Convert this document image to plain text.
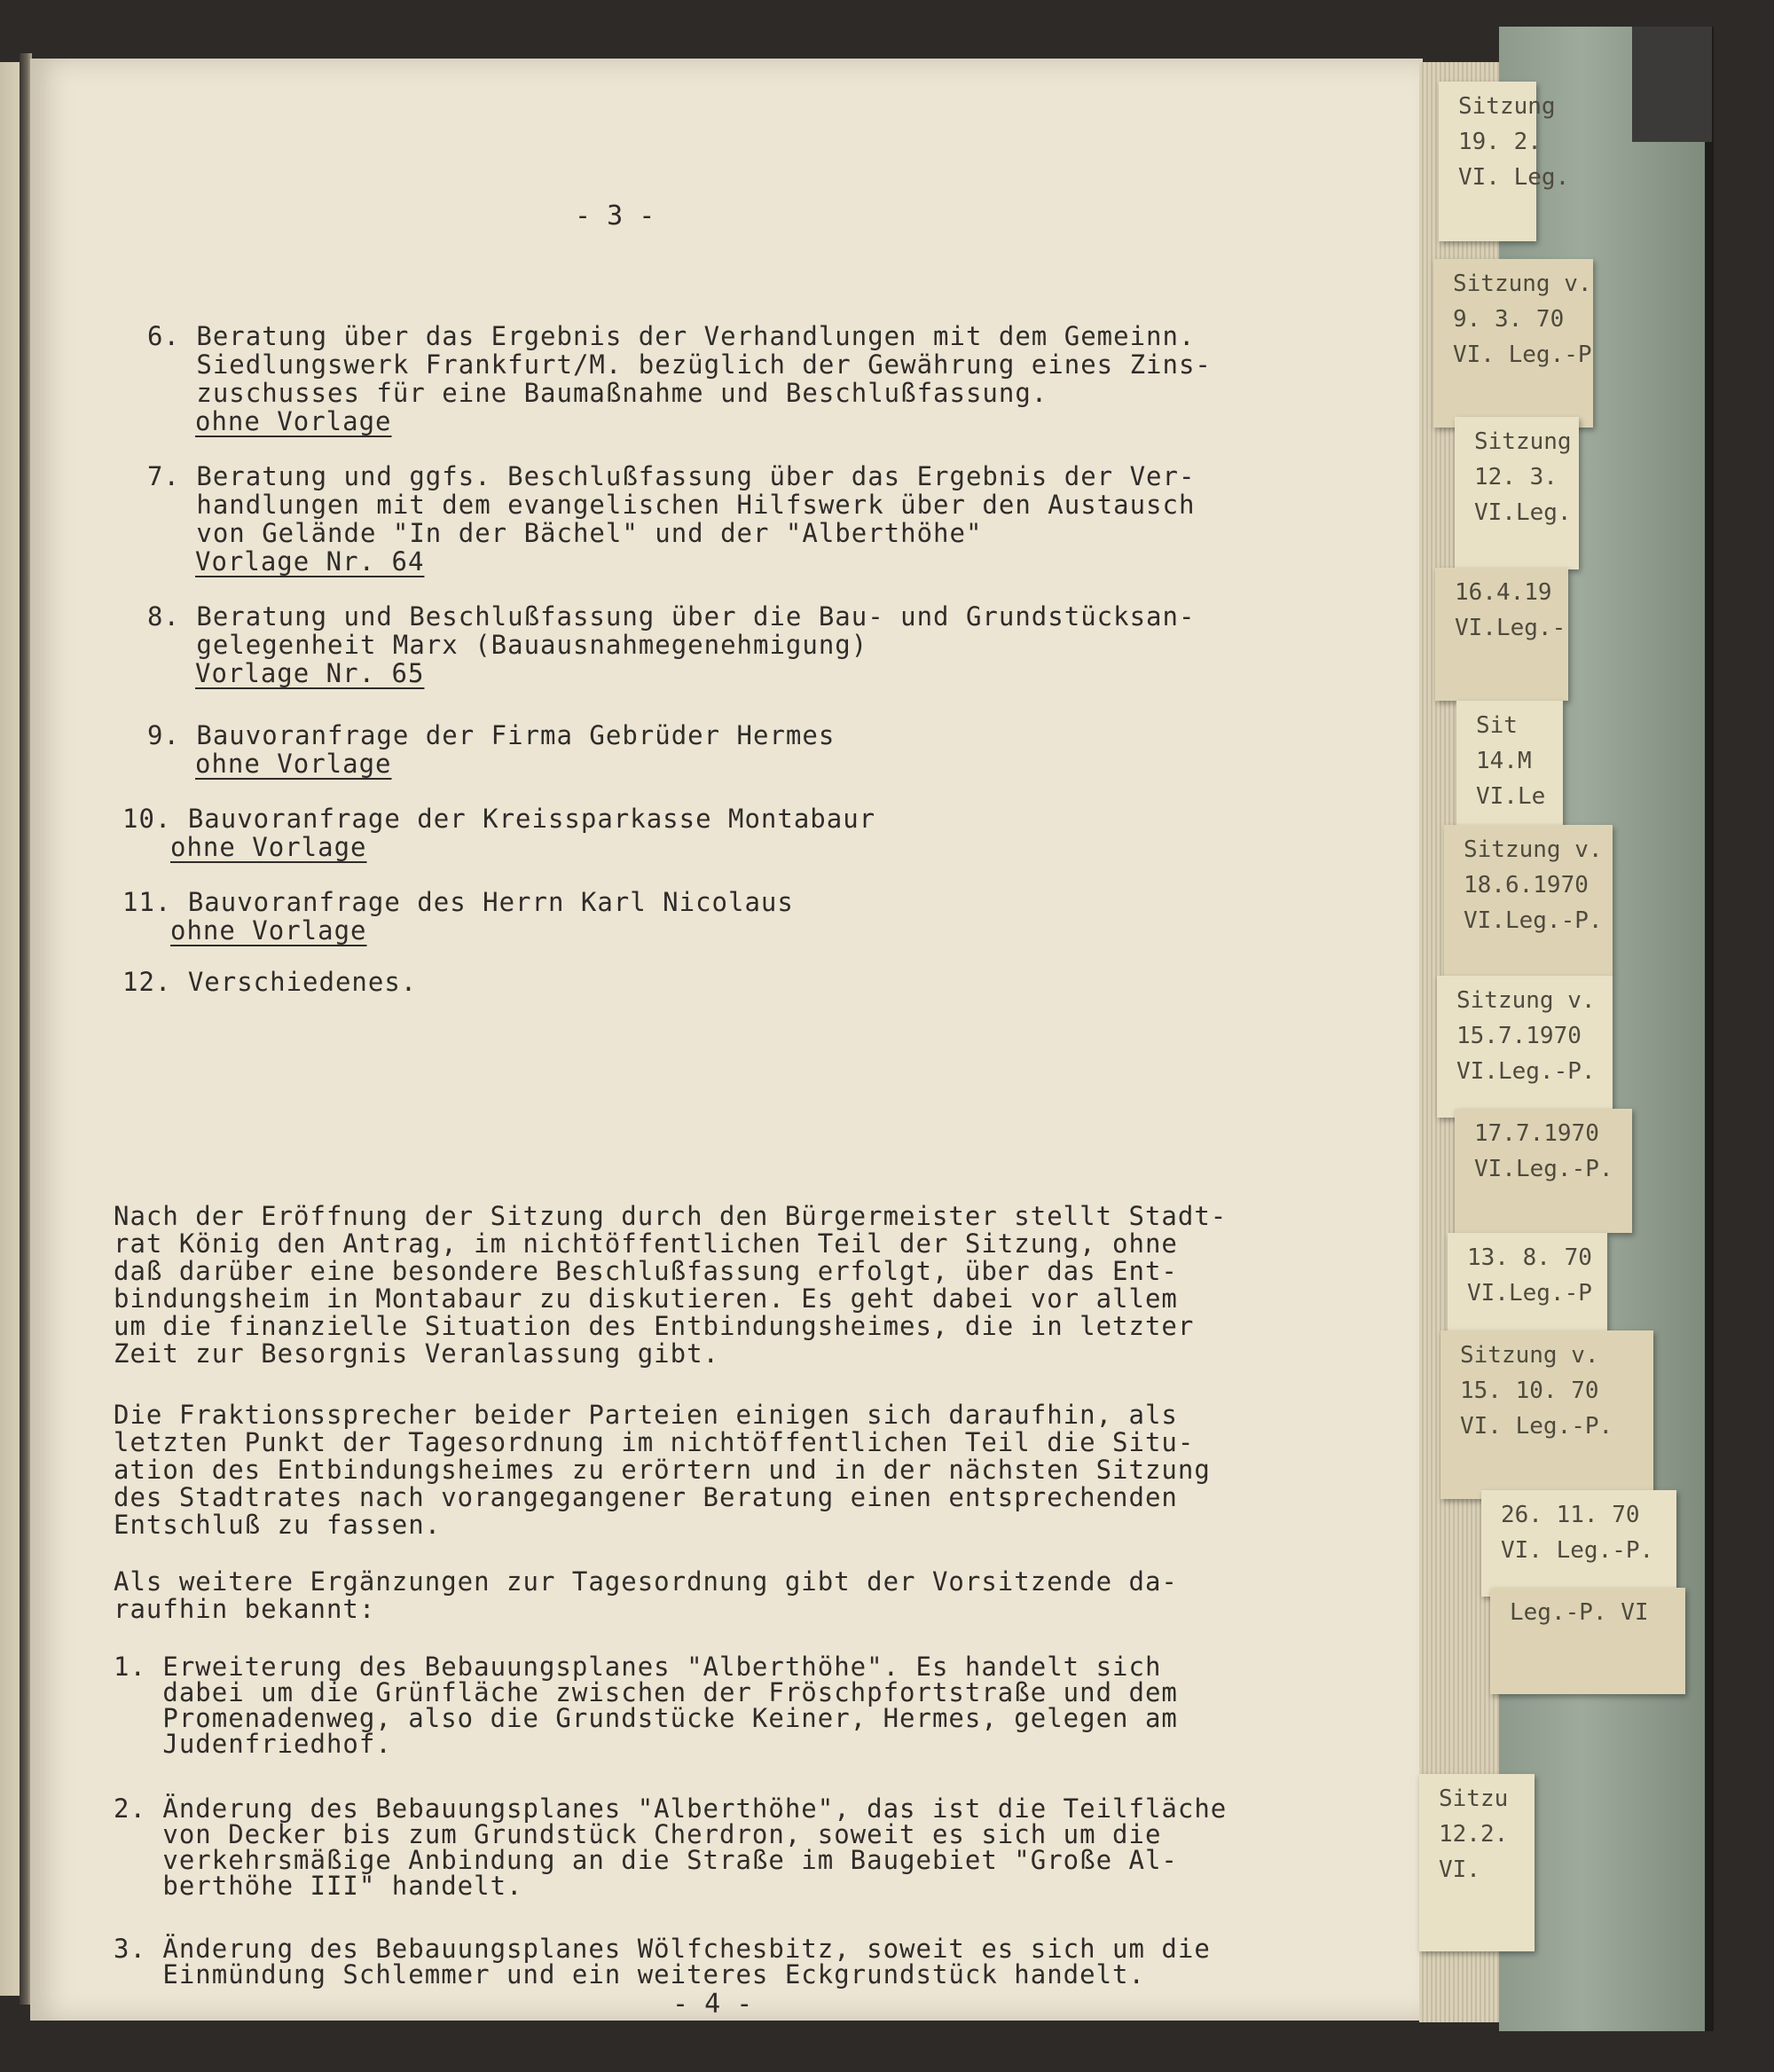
Sitzung
19. 2.
VI. Leg.
Sitzung v.
9. 3. 70
VI. Leg.-P
Sitzung
12. 3.
VI.Leg.
16.4.19
VI.Leg.-
Sit
14.M
VI.Le
Sitzung v.
18.6.1970
VI.Leg.-P.
Sitzung v.
15.7.1970
VI.Leg.-P.
17.7.1970
VI.Leg.-P.
13. 8. 70
VI.Leg.-P
Sitzung v.
15. 10. 70
VI. Leg.-P.
26. 11. 70
VI. Leg.-P.
Leg.-P. VI
Sitzu
12.2.
VI.
- 3 -
6. Beratung über das Ergebnis der Verhandlungen mit dem Gemeinn.
Siedlungswerk Frankfurt/M. bezüglich der Gewährung eines Zins-
zuschusses für eine Baumaßnahme und Beschlußfassung.
ohne Vorlage
7. Beratung und ggfs. Beschlußfassung über das Ergebnis der Ver-
handlungen mit dem evangelischen Hilfswerk über den Austausch
von Gelände "In der Bächel" und der "Alberthöhe"
Vorlage Nr. 64
8. Beratung und Beschlußfassung über die Bau- und Grundstücksan-
gelegenheit Marx (Bauausnahmegenehmigung)
Vorlage Nr. 65
9. Bauvoranfrage der Firma Gebrüder Hermes
ohne Vorlage
10. Bauvoranfrage der Kreissparkasse Montabaur
ohne Vorlage
11. Bauvoranfrage des Herrn Karl Nicolaus
ohne Vorlage
12. Verschiedenes.
Nach der Eröffnung der Sitzung durch den Bürgermeister stellt Stadt-
rat König den Antrag, im nichtöffentlichen Teil der Sitzung, ohne
daß darüber eine besondere Beschlußfassung erfolgt, über das Ent-
bindungsheim in Montabaur zu diskutieren. Es geht dabei vor allem
um die finanzielle Situation des Entbindungsheimes, die in letzter
Zeit zur Besorgnis Veranlassung gibt.
Die Fraktionssprecher beider Parteien einigen sich daraufhin, als
letzten Punkt der Tagesordnung im nichtöffentlichen Teil die Situ-
ation des Entbindungsheimes zu erörtern und in der nächsten Sitzung
des Stadtrates nach vorangegangener Beratung einen entsprechenden
Entschluß zu fassen.
Als weitere Ergänzungen zur Tagesordnung gibt der Vorsitzende da-
raufhin bekannt:
1. Erweiterung des Bebauungsplanes "Alberthöhe". Es handelt sich
dabei um die Grünfläche zwischen der Fröschpfortstraße und dem
Promenadenweg, also die Grundstücke Keiner, Hermes, gelegen am
Judenfriedhof.
2. Änderung des Bebauungsplanes "Alberthöhe", das ist die Teilfläche
von Decker bis zum Grundstück Cherdron, soweit es sich um die
verkehrsmäßige Anbindung an die Straße im Baugebiet "Große Al-
berthöhe III" handelt.
3. Änderung des Bebauungsplanes Wölfchesbitz, soweit es sich um die
Einmündung Schlemmer und ein weiteres Eckgrundstück handelt.
- 4 -
